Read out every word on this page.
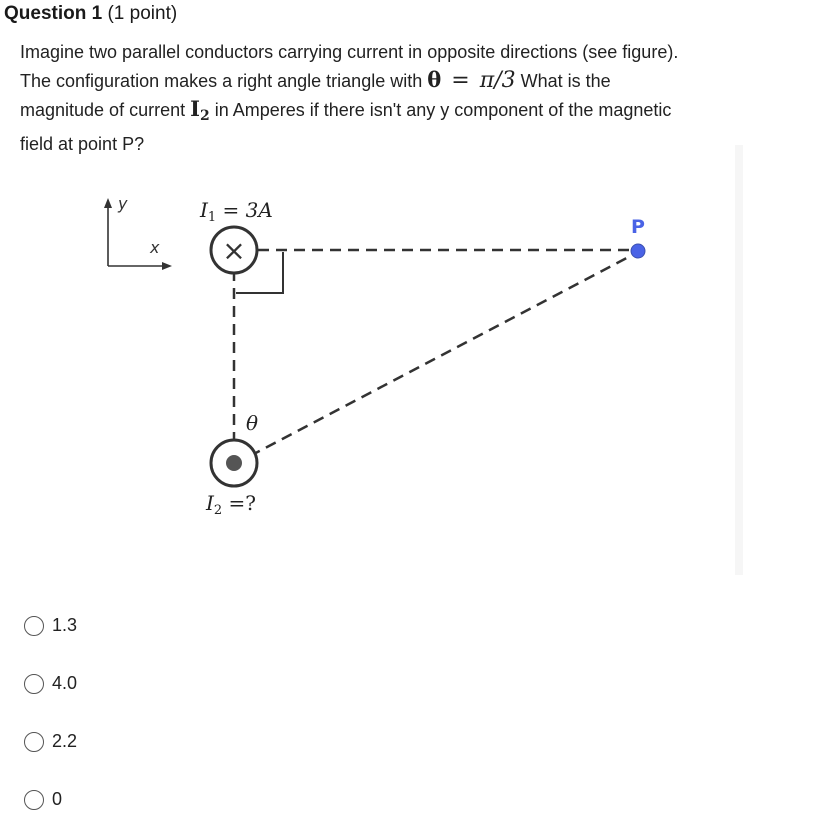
Question 1 (1 point)
Imagine two parallel conductors carrying current in opposite directions (see figure).
The configuration makes a right angle triangle with θ = π/3 What is the
magnitude of current $I_2$ in Amperes if there isn't any y component of the magnetic
field at point P?
y
x
$I_1 = 3A$
×
θ
$I_2$ =?
P
1.3
4.0
2.2
0
